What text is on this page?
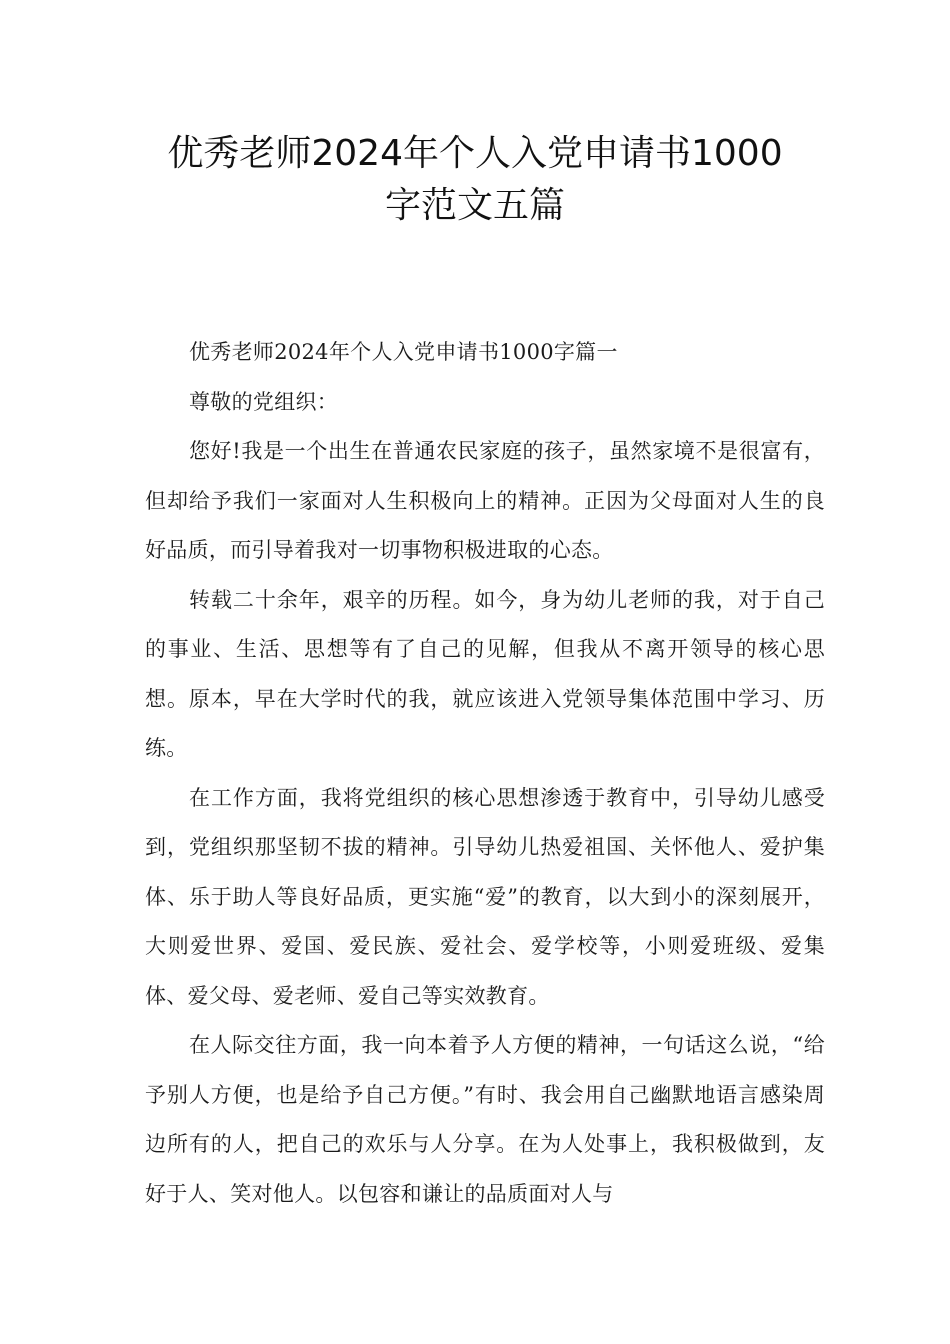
优秀老师2024年个人入党申请书1000
字范文五篇

优秀老师2024年个人入党申请书1000字篇一

尊敬的党组织：

您好!我是一个出生在普通农民家庭的孩子，虽然家境不是很富有，但却给予我们一家面对人生积极向上的精神。正因为父母面对人生的良好品质，而引导着我对一切事物积极进取的心态。

转载二十余年，艰辛的历程。如今，身为幼儿老师的我，对于自己的事业、生活、思想等有了自己的见解，但我从不离开领导的核心思想。原本，早在大学时代的我，就应该进入党领导集体范围中学习、历练。

在工作方面，我将党组织的核心思想渗透于教育中，引导幼儿感受到，党组织那坚韧不拔的精神。引导幼儿热爱祖国、关怀他人、爱护集体、乐于助人等良好品质，更实施“爱”的教育，以大到小的深刻展开，大则爱世界、爱国、爱民族、爱社会、爱学校等，小则爱班级、爱集体、爱父母、爱老师、爱自己等实效教育。

在人际交往方面，我一向本着予人方便的精神，一句话这么说，“给予别人方便，也是给予自己方便。”有时、我会用自己幽默地语言感染周边所有的人，把自己的欢乐与人分享。在为人处事上，我积极做到，友好于人、笑对他人。以包容和谦让的品质面对人与
